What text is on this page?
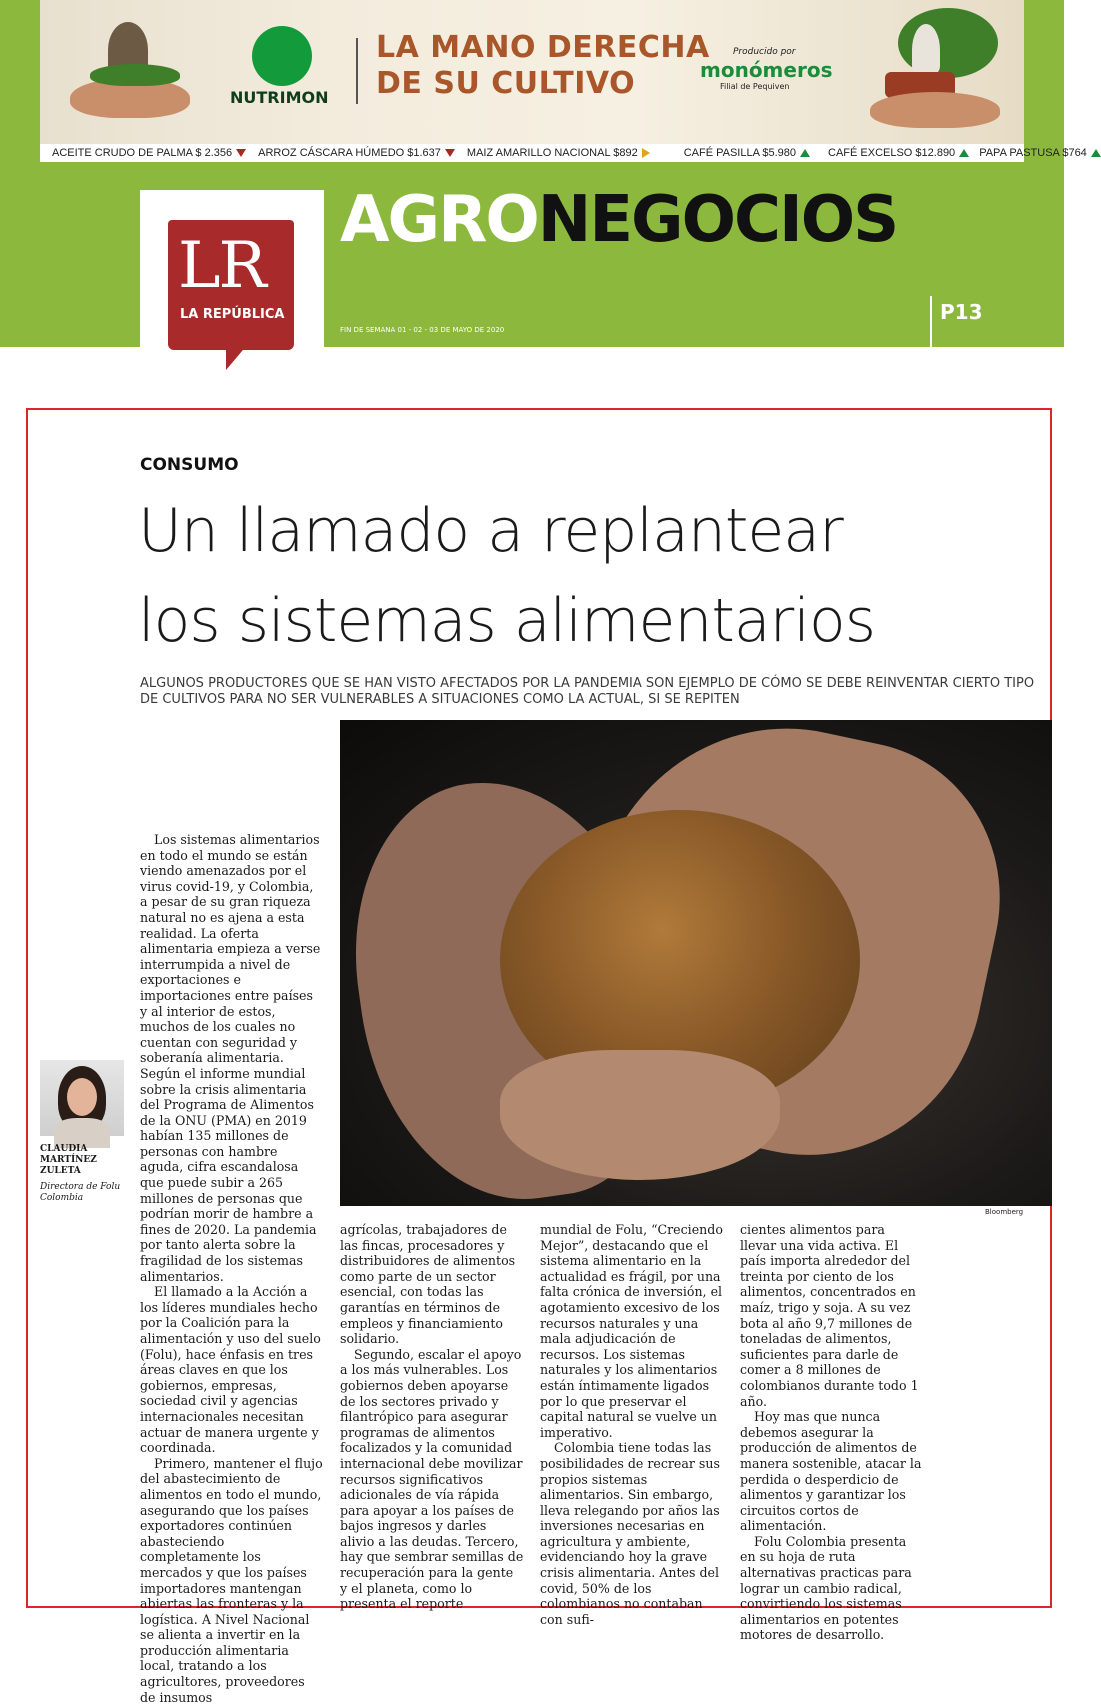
NUTRIMON
LA MANO DERECHA
DE SU CULTIVO
Producido por
monómeros
Filial de Pequiven
ACEITE CRUDO DE PALMA $ 2.356 ARROZ CÁSCARA HÚMEDO $1.637 MAIZ AMARILLO NACIONAL $892	CAFÉ PASILLA $5.980	CAFÉ EXCELSO $12.890 PAPA PASTUSA $764
LR
LA REPÚBLICA
AGRONEGOCIOS
FIN DE SEMANA 01 - 02 - 03 DE MAYO DE 2020
P13
CONSUMO
Un llamado a replantear
los sistemas alimentarios
ALGUNOS PRODUCTORES QUE SE HAN VISTO AFECTADOS POR LA PANDEMIA SON EJEMPLO DE CÓMO SE DEBE REINVENTAR CIERTO TIPO DE CULTIVOS PARA NO SER VULNERABLES A SITUACIONES COMO LA ACTUAL, SI SE REPITEN
Bloomberg
CLAUDIA MARTÍNEZ ZULETA
Directora de Folu Colombia

Los sistemas alimentarios en todo el mundo se están viendo amenazados por el virus covid-19, y Colombia, a pesar de su gran riqueza natural no es ajena a esta realidad. La oferta alimentaria empieza a verse interrumpida a nivel de exportaciones e importaciones entre países y al interior de estos, muchos de los cuales no cuentan con seguridad y soberanía alimentaria. Según el informe mundial sobre la crisis alimentaria del Programa de Alimentos de la ONU (PMA) en 2019 habían 135 millones de personas con hambre aguda, cifra escandalosa que puede subir a 265 millones de personas que podrían morir de hambre a fines de 2020. La pandemia por tanto alerta sobre la fragilidad de los sistemas alimentarios.

El llamado a la Acción a los líderes mundiales hecho por la Coalición para la alimentación y uso del suelo (Folu), hace énfasis en tres áreas claves en que los gobiernos, empresas, sociedad civil y agencias internacionales necesitan actuar de manera urgente y coordinada.

Primero, mantener el flujo del abastecimiento de alimentos en todo el mundo, asegurando que los países exportadores continúen abasteciendo completamente los mercados y que los países importadores mantengan abiertas las fronteras y la logística. A Nivel Nacional se alienta a invertir en la producción alimentaria local, tratando a los agricultores, proveedores de insumos

agrícolas, trabajadores de las fincas, procesadores y distribuidores de alimentos como parte de un sector esencial, con todas las garantías en términos de empleos y financiamiento solidario.

Segundo, escalar el apoyo a los más vulnerables. Los gobiernos deben apoyarse de los sectores privado y filantrópico para asegurar programas de alimentos focalizados y la comunidad internacional debe movilizar recursos significativos adicionales de vía rápida para apoyar a los países de bajos ingresos y darles alivio a las deudas. Tercero, hay que sembrar semillas de recuperación para la gente y el planeta, como lo presenta el reporte

mundial de Folu, “Creciendo Mejor”, destacando que el sistema alimentario en la actualidad es frágil, por una falta crónica de inversión, el agotamiento excesivo de los recursos naturales y una mala adjudicación de recursos. Los sistemas naturales y los alimentarios están íntimamente ligados por lo que preservar el capital natural se vuelve un imperativo.

Colombia tiene todas las posibilidades de recrear sus propios sistemas alimentarios. Sin embargo, lleva relegando por años las inversiones necesarias en agricultura y ambiente, evidenciando hoy la grave crisis alimentaria. Antes del covid, 50% de los colombianos no contaban con sufi-

cientes alimentos para llevar una vida activa. El país importa alrededor del treinta por ciento de los alimentos, concentrados en maíz, trigo y soja. A su vez bota al año 9,7 millones de toneladas de alimentos, suficientes para darle de comer a 8 millones de colombianos durante todo 1 año.

Hoy mas que nunca debemos asegurar la producción de alimentos de manera sostenible, atacar la perdida o desperdicio de alimentos y garantizar los circuitos cortos de alimentación.

Folu Colombia presenta en su hoja de ruta alternativas practicas para lograr un cambio radical, convirtiendo los sistemas alimentarios en potentes motores de desarrollo.
